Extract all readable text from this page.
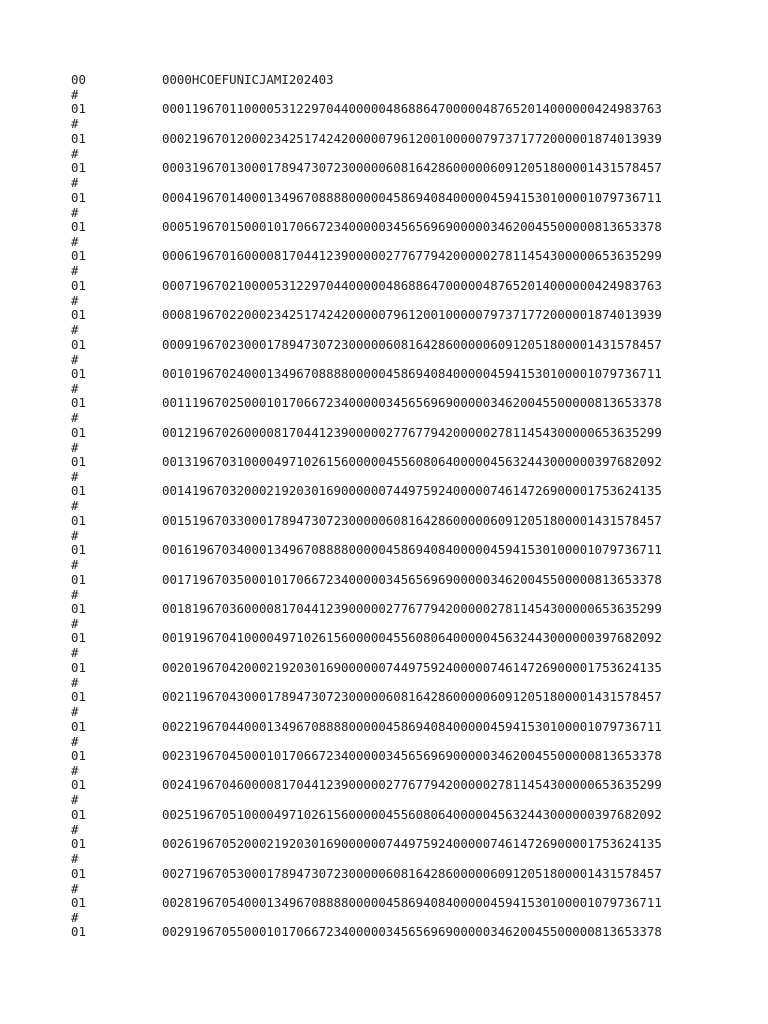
00	0000HCOEFUNICJAMI202403
#
01	0001196701100005312297044000004868864700000487652014000000424983763
#
01	0002196701200023425174242000007961200100000797371772000001874013939
#
01	0003196701300017894730723000006081642860000060912051800001431578457
#
01	0004196701400013496708888000004586940840000045941530100001079736711
#
01	0005196701500010170667234000003456569690000034620045500000813653378
#
01	0006196701600008170441239000002776779420000027811454300000653635299
#
01	0007196702100005312297044000004868864700000487652014000000424983763
#
01	0008196702200023425174242000007961200100000797371772000001874013939
#
01	0009196702300017894730723000006081642860000060912051800001431578457
#
01	0010196702400013496708888000004586940840000045941530100001079736711
#
01	0011196702500010170667234000003456569690000034620045500000813653378
#
01	0012196702600008170441239000002776779420000027811454300000653635299
#
01	0013196703100004971026156000004556080640000045632443000000397682092
#
01	0014196703200021920301690000007449759240000074614726900001753624135
#
01	0015196703300017894730723000006081642860000060912051800001431578457
#
01	0016196703400013496708888000004586940840000045941530100001079736711
#
01	0017196703500010170667234000003456569690000034620045500000813653378
#
01	0018196703600008170441239000002776779420000027811454300000653635299
#
01	0019196704100004971026156000004556080640000045632443000000397682092
#
01	0020196704200021920301690000007449759240000074614726900001753624135
#
01	0021196704300017894730723000006081642860000060912051800001431578457
#
01	0022196704400013496708888000004586940840000045941530100001079736711
#
01	0023196704500010170667234000003456569690000034620045500000813653378
#
01	0024196704600008170441239000002776779420000027811454300000653635299
#
01	0025196705100004971026156000004556080640000045632443000000397682092
#
01	0026196705200021920301690000007449759240000074614726900001753624135
#
01	0027196705300017894730723000006081642860000060912051800001431578457
#
01	0028196705400013496708888000004586940840000045941530100001079736711
#
01	0029196705500010170667234000003456569690000034620045500000813653378
